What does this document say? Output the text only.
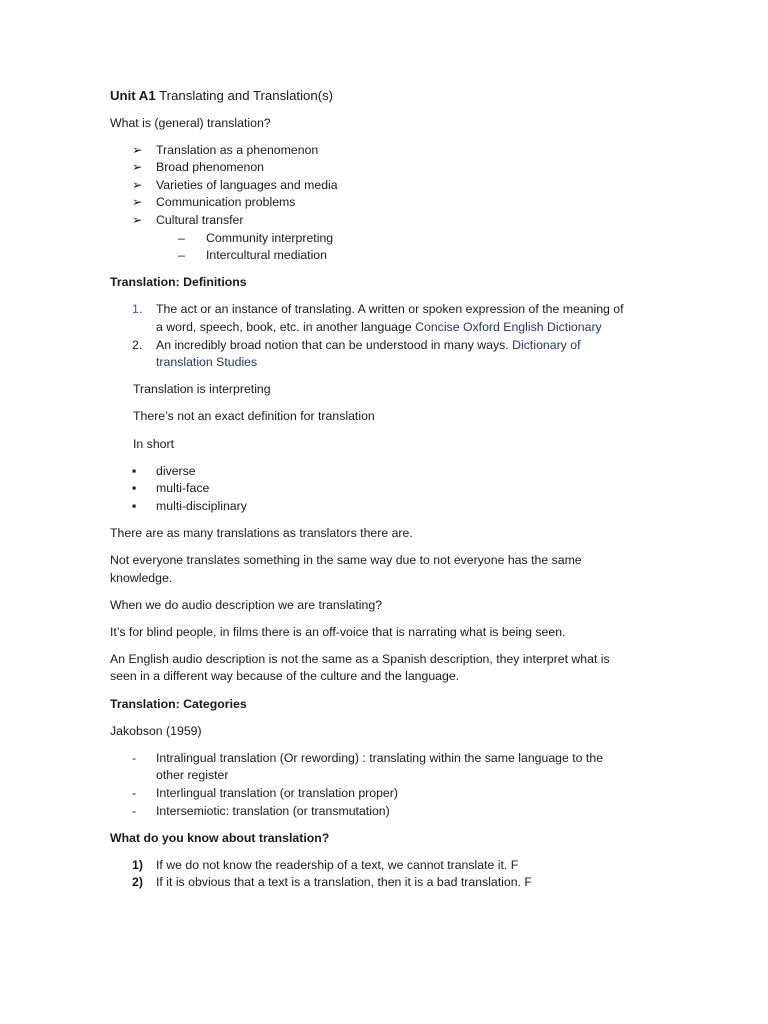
Unit A1 Translating and Translation(s)

What is (general) translation?

➢ Translation as a phenomenon
➢ Broad phenomenon
➢ Varieties of languages and media
➢ Communication problems
➢ Cultural transfer
– Community interpreting
– Intercultural mediation

Translation: Definitions

1. The act or an instance of translating. A written or spoken expression of the meaning of
a word, speech, book, etc. in another language Concise Oxford English Dictionary
2. An incredibly broad notion that can be understood in many ways. Dictionary of
translation Studies

Translation is interpreting

There’s not an exact definition for translation

In short

▪ diverse
▪ multi-face
▪ multi-disciplinary

There are as many translations as translators there are.

Not everyone translates something in the same way due to not everyone has the same
knowledge.

When we do audio description we are translating?

It’s for blind people, in films there is an off-voice that is narrating what is being seen.

An English audio description is not the same as a Spanish description, they interpret what is
seen in a different way because of the culture and the language.

Translation: Categories

Jakobson (1959)

- Intralingual translation (Or rewording) : translating within the same language to the
other register
- Interlingual translation (or translation proper)
- Intersemiotic: translation (or transmutation)

What do you know about translation?

1) If we do not know the readership of a text, we cannot translate it. F
2) If it is obvious that a text is a translation, then it is a bad translation. F
